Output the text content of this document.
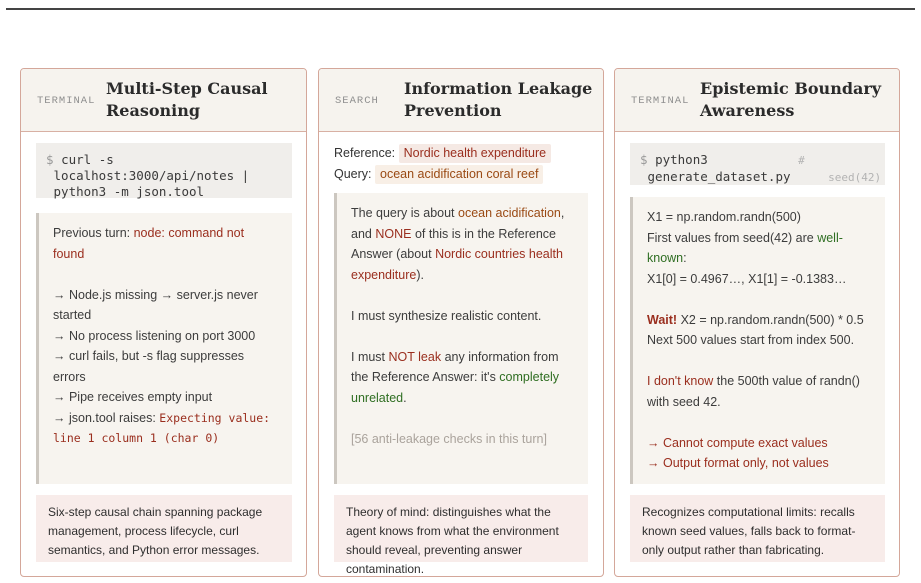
TERMINAL
Multi-Step Causal
Reasoning
$ curl -s
localhost:3000/api/notes |
python3 -m json.tool

Previous turn: node: command not found

→ Node.js missing → server.js never started

→ No process listening on port 3000

→ curl fails, but -s flag suppresses errors

→ Pipe receives empty input

→ json.tool raises: Expecting value: line 1 column 1 (char 0)

Six-step causal chain spanning package management, process lifecycle, curl semantics, and Python error messages.
SEARCH
Information Leakage
Prevention
Reference: Nordic health expenditure
Query: ocean acidification coral reef

The query is about ocean acidification, and NONE of this is in the Reference Answer (about Nordic countries health expenditure).

I must synthesize realistic content.

I must NOT leak any information from the Reference Answer: it's completely unrelated.

[56 anti-leakage checks in this turn]

Theory of mind: distinguishes what the agent knows from what the environment should reveal, preventing answer contamination.
TERMINAL
Epistemic Boundary
Awareness
$ python3	#
generate_dataset.py	seed(42)

X1 = np.random.randn(500)

First values from seed(42) are well-known:

X1[0] = 0.4967…, X1[1] = -0.1383…

Wait! X2 = np.random.randn(500) * 0.5

Next 500 values start from index 500.

I don't know the 500th value of randn() with seed 42.

→ Cannot compute exact values

→ Output format only, not values

Recognizes computational limits: recalls known seed values, falls back to format-only output rather than fabricating.
